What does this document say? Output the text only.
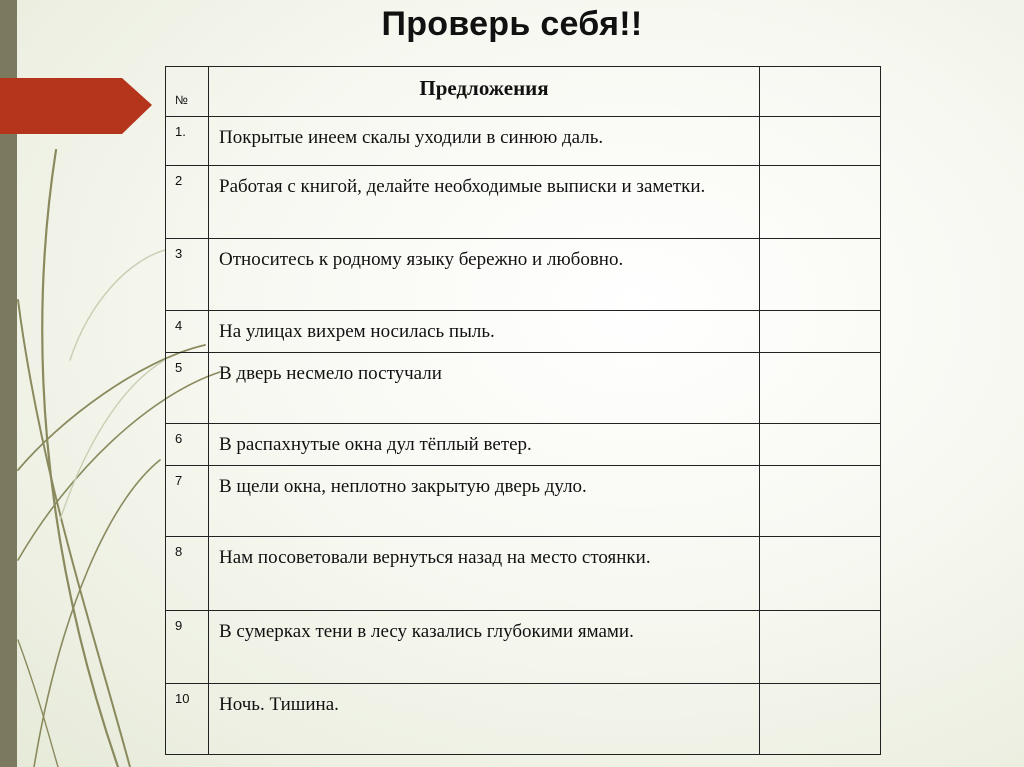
Проверь себя!!
№	Предложения	

1.	Покрытые инеем скалы уходили в синюю даль.	

2	Работая с книгой, делайте необходимые выписки и заметки.	

3	Относитесь к родному языку бережно и любовно.	

4	На улицах вихрем носилась пыль.	

5	В дверь несмело постучали	

6	В распахнутые окна дул тёплый ветер.	

7	В щели окна, неплотно закрытую дверь дуло.	

8	Нам посоветовали вернуться назад на место стоянки.	

9	В сумерках тени в лесу казались глубокими ямами.	

10	Ночь. Тишина.	
